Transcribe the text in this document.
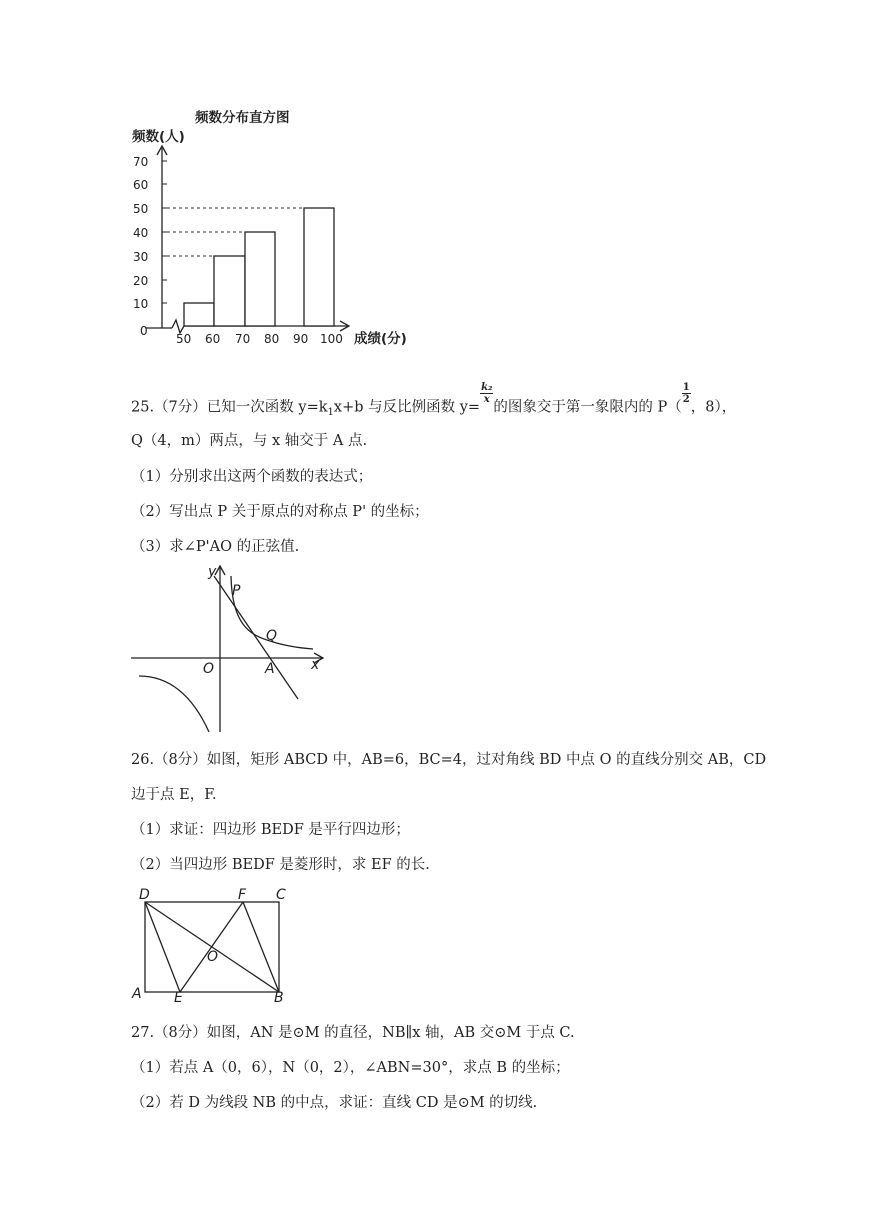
频数分布直方图
频数(人)
0
10
20
30
40
50
60
70
50 60 70 80 90 100 成绩(分)
25.（7分）已知一次函数 $y=k_1x+b$ 与反比例函数 y=
$\frac{\text{k₂}}{x}$
的图象交于第一象限内的 P（
$\frac{1}{2}$
，8），
Q（4，m）两点，与 x 轴交于 A 点.
（1）分别求出这两个函数的表达式；
（2）写出点 P 关于原点的对称点 P' 的坐标；
（3）求∠P'AO 的正弦值.
y
x
O
P
Q
A
26.（8分）如图，矩形 ABCD 中，AB=6，BC=4，过对角线 BD 中点 O 的直线分别交 AB，CD
边于点 E，F.
（1）求证：四边形 BEDF 是平行四边形；
（2）当四边形 BEDF 是菱形时，求 EF 的长.
D	F C
O
A E	B
27.（8分）如图，AN 是⊙M 的直径，NB∥x 轴，AB 交⊙M 于点 C.
（1）若点 A（0，6），N（0，2），∠ABN=30°，求点 B 的坐标；
（2）若 D 为线段 NB 的中点，求证：直线 CD 是⊙M 的切线.
